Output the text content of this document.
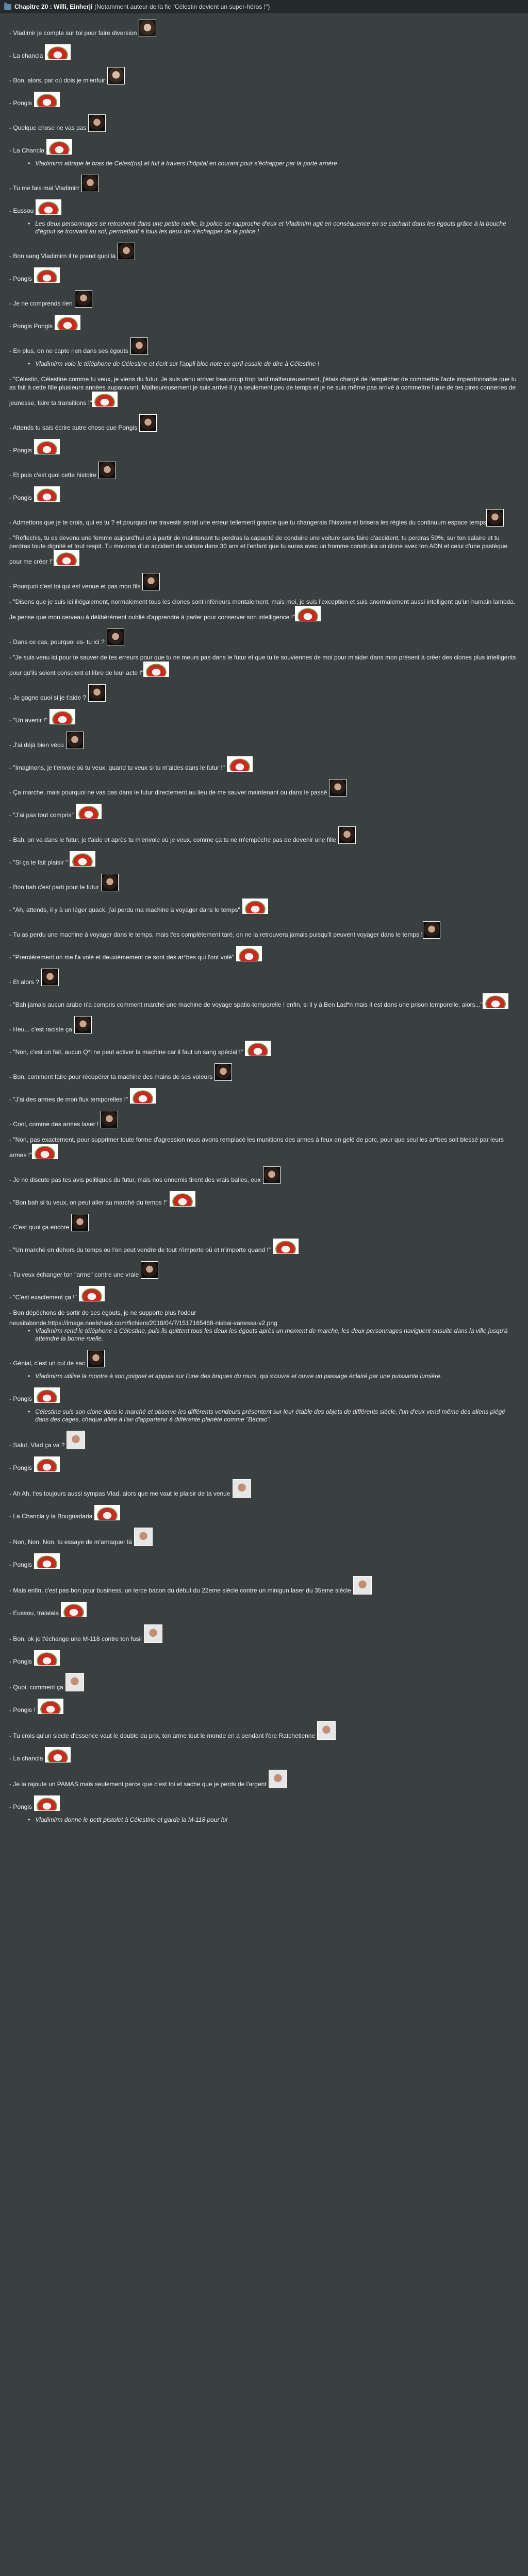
Chapitre 20 : Willi, Einherji (Notamment auteur de la fic "Célestin devient un super-héros !")
- Vladimir je compte sur toi pour faire diversion
- La chancla
- Bon, alors, par où dois je m'enfuir
- Pongis
- Quelque chose ne vas pas
- La Chancla
• Vladimirm attrape le bras de Celest(ris) et fuit à travers l'hôpital en courant pour s'échapper par la porte arrière
- Tu me fais mal Vladimirr
- Eussou
• Les deux personnages se retrouvent dans une petite ruelle, la police se rapproche d'eux et Vladimirn agit en conséquence en se cachant dans les égouts grâce à la bouche d'égout se trouvant au sol, permettant à tous les deux de s'échapper de la police !
- Bon sang Vladimirn il te prend quoi là
- Pongis
- Je ne comprends rien
- Pongis Pongis
- En plus, on ne capte rien dans ses égouts
• Vladimirm vole le téléphone de Célestine et écrit sur l'appli bloc note ce qu'il essaie de dire à Célestine !
- "Célestin, Célestine comme tu veux, je viens du futur. Je suis venu arriver beaucoup trop tard malheureusement, j'étais chargé de l'empêcher de commettre l'acte impardonnable que tu as fait à cette fille plusieurs années auparavant. Malheureusement je suis arrivé il y a seulement peu de temps et je ne suis même pas arrivé à commettre l'une de tes pires conneries de jeunesse, faire ta transitions !"
- Attends tu sais écrire autre chose que Pongis
- Pongis
- Et puis c'est quoi cette histoire
- Pongis
- Admettons que je te crois, qui es tu ? et pourquoi me travestir serait une erreur tellement grande que tu changerais l'histoire et brisera les règles du continuum espace temps
- "Réflechis, tu es devenu une femme aujourd'hui et à partir de maintenant tu perdras la capacité de conduire une voiture sans faire d'accident, tu perdras 50%, sur ton salaire et tu perdras toute dignité et tout respit. Tu mourras d'un accident de voiture dans 30 ans et l'enfant que tu auras avec un homme construira un clone avec ton ADN et celui d'une pastèque pour me créer !"
- Pourquoi c'est toi qui est venue et pas mon fils
- "Disons que je suis ici illégalement, normalement tous les clones sont inférieurs mentalement, mais moi, je suis l'exception et suis anormalement aussi intelligent qu'un humain lambda. Je pense que mon cerveau à délibérément oublié d'apprendre à parler pour conserver son intelligence !"
- Dans ce cas, pourquoi es- tu ici ?
- "Je suis venu ici pour te sauver de tes erreurs pour que tu ne meurs pas dans le futur et que tu te souviennes de moi pour m'aider dans mon présent à créer des clones plus intelligents pour qu'ils soient conscient et libre de leur acte !"
- Je gagne quoi si je t'aide ?
- "Un avenir !"
- J'ai déjà bien vécu
- "Imaginons, je t'envoie où tu veux, quand tu veux si tu m'aides dans le futur !"
- Ça marche, mais pourquoi ne vas pas dans le futur directement,au lieu de me sauver maintenant ou dans le passé
- "J'ai pas tout compris"
- Bah, on va dans le futur, je t'aide et après tu m'envoie où je veux, comme ça tu ne m'empêche pas de devenir une fille
- "Si ça te fait plaisir "
- Bon bah c'est parti pour le futur
- "Ah, attends, il y à un léger quack, j'ai perdu ma machine à voyager dans le temps"
- Tu as perdu une machine à voyager dans le temps, mais t'es complètement taré, on ne la retrouvera jamais puisqu'il peuvent voyager dans le temps !
- "Premièrement on me l'a volé et deuxièmement ce sont des ar*bes qui l'ont volé"
- Et alors ?
- "Bah jamais aucun arabe n'a compris comment marché une machine de voyage spatio-temporelle ! enfin, si il y à Ben Lad*n mais il est dans une prison temporelle, alors..."
- Heu... c'est raciste ça
- "Non, c'est un fait, aucun Q*l ne peut activer la machine car il faut un sang spécial !"
- Bon, comment faire pour récupérer ta machine des mains de ses voleurs
- "J'ai des armes de mon flux temporelles !"
- Cool, comme des armes laser !
- "Non, pas exactement, pour supprimer toute forme d'agression nous avons remplacé les munitions des armes à feux en gelé de porc, pour que seul les ar*bes soit blessé par leurs armes !"
- Je ne discute pas tes avis politiques du futur, mais nos ennemis tirent des vrais balles, eux
- "Bon bah si tu veux, on peut aller au marché du temps !"
- C'est quoi ça encore
- "Un marché en dehors du temps ou l'on peut vendre de tout n'importe où et n'importe quand !"
- Tu veux échanger ton "arme" contre une vraie
- "C'est exactement ça !"
- Bon dépêchons de sortir de ses égouts, je ne supporte plus l'odeur
neusitabonde.https://image.noelshack.com/fichiers/2018/04/7/1517165468-nisbai-vanessa-v2.png
• Vladimirm rend le téléphone à Célestine, puis ils quittent tous les deux les égouts après un moment de marche, les deux personnages naviguent ensuite dans la ville jusqu'à atteindre la bonne ruelle.
- Génial, c'est un cul de sac
• Vladimirm utilise la montre à son poignet et appuie sur l'une des briques du murs, qui s'ouvre et ouvre un passage éclairé par une puissante lumière.
- Pongis
• Célestine suis son clone dans le marché et observe les différents vendeurs présentent sur leur étable des objets de différents siècle, l'un d'eux vend même des aliens piégé dans des cages, chaque allée à l'air d'appartenir à différente planète comme "Bactac".
- Salut, Vlad ça va ?
- Pongis
- Ah Ah, t'es toujours aussi sympas Vlad, alors que me vaut le plaisir de ta venue
- La Chancla y la Bougnadaria
- Non, Non, Non, tu essaye de m'arnaquer là
- Pongis
- Mais enfin, c'est pas bon pour business, un terce bacon du début du 22eme siècle contre un minigun laser du 35eme siècle
- Eussou, tralalala
- Bon, ok je t'échange une M-118 contre ton fusil
- Pongis
- Quoi, comment ça
- Pongis !
- Tu crois qu'un siècle d'essence vaut le double du prix, ton arme tout le monde en a pendant l'ère Ratchetienne
- La chancla
- Je la rajoute un PAMAS mais seulement parce que c'est toi et sache que je perds de l'argent
- Pongis
• Vladimirm donne le petit pistolet à Célestine et garde la M-118 pour lui
